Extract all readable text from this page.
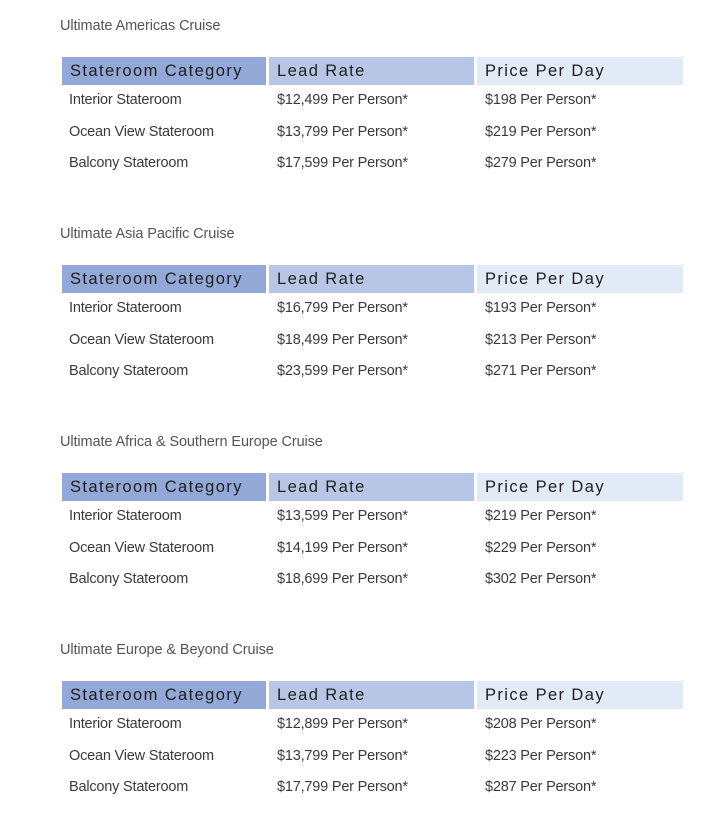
Ultimate Americas Cruise
Stateroom Category	Lead Rate	Price Per Day
Interior Stateroom	$12,499 Per Person*	$198 Per Person*
Ocean View Stateroom	$13,799 Per Person*	$219 Per Person*
Balcony Stateroom	$17,599 Per Person*	$279 Per Person*
Ultimate Asia Pacific Cruise
Stateroom Category	Lead Rate	Price Per Day
Interior Stateroom	$16,799 Per Person*	$193 Per Person*
Ocean View Stateroom	$18,499 Per Person*	$213 Per Person*
Balcony Stateroom	$23,599 Per Person*	$271 Per Person*
Ultimate Africa & Southern Europe Cruise
Stateroom Category	Lead Rate	Price Per Day
Interior Stateroom	$13,599 Per Person*	$219 Per Person*
Ocean View Stateroom	$14,199 Per Person*	$229 Per Person*
Balcony Stateroom	$18,699 Per Person*	$302 Per Person*
Ultimate Europe & Beyond Cruise
Stateroom Category	Lead Rate	Price Per Day
Interior Stateroom	$12,899 Per Person*	$208 Per Person*
Ocean View Stateroom	$13,799 Per Person*	$223 Per Person*
Balcony Stateroom	$17,799 Per Person*	$287 Per Person*
